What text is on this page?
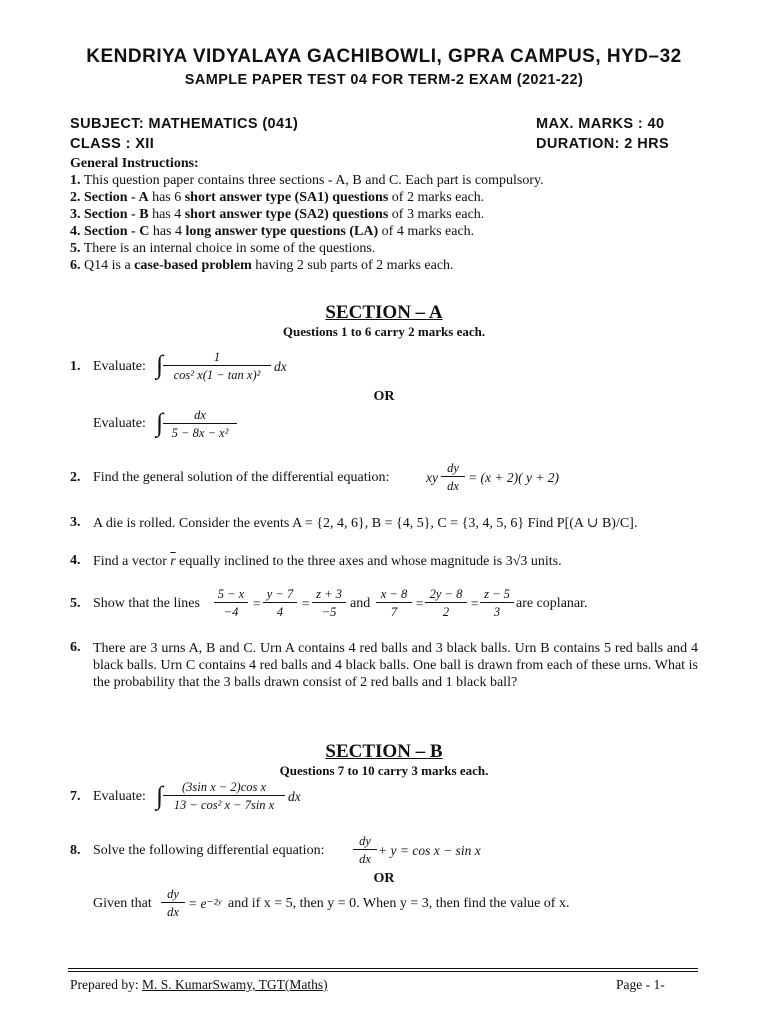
KENDRIYA VIDYALAYA GACHIBOWLI, GPRA CAMPUS, HYD–32
SAMPLE PAPER TEST 04 FOR TERM-2 EXAM (2021-22)
SUBJECT: MATHEMATICS (041)	MAX. MARKS : 40
CLASS : XII	DURATION: 2 HRS
General Instructions:
1. This question paper contains three sections - A, B and C. Each part is compulsory.
2. Section - A has 6 short answer type (SA1) questions of 2 marks each.
3. Section - B has 4 short answer type (SA2) questions of 3 marks each.
4. Section - C has 4 long answer type questions (LA) of 4 marks each.
5. There is an internal choice in some of the questions.
6. Q14 is a case-based problem having 2 sub parts of 2 marks each.
SECTION – A
Questions 1 to 6 carry 2 marks each.
1. Evaluate: ∫ $\frac{1}{\text{cos² x(1 − tan x)²}}$ dx
OR
Evaluate: ∫ $\frac{dx}{\text{5 − 8x − x²}}$
2. Find the general solution of the differential equation:	xy $\frac{dy}{dx} = (x + 2)$( y + 2)
3. A die is rolled. Consider the events A = {2, 4, 6}, B = {4, 5}, C = {3, 4, 5, 6} Find P[(A ∪ B)/C].
4. Find a vector $\overline{r}$ equally inclined to the three axes and whose magnitude is 3√3 units.
5. Show that the lines $\frac{5 - x}{-4} = \frac{y - 7}{4} = \frac{z + 3}{-5}$ and $\frac{x - 8}{7} = \frac{2y - 8}{2} = \frac{z - 5}{3}$ are coplanar.
6. There are 3 urns A, B and C. Urn A contains 4 red balls and 3 black balls. Urn B contains 5 red balls and 4 black balls. Urn C contains 4 red balls and 4 black balls. One ball is drawn from each of these urns. What is the probability that the 3 balls drawn consist of 2 red balls and 1 black ball?
SECTION – B
Questions 7 to 10 carry 3 marks each.
7. Evaluate: ∫ $\frac{\text{(3sin x − 2)cos x}}{\text{13 − cos² x − 7sin x}}$ dx
8. Solve the following differential equation: $\frac{dy}{dx} + y = \cos x - \sin x$
OR
Given that $\frac{dy}{dx}$ = e⁻²ʸ and if x = 5, then y = 0. When y = 3, then find the value of x.
Prepared by: M. S. KumarSwamy, TGT(Maths)	Page - 1-
